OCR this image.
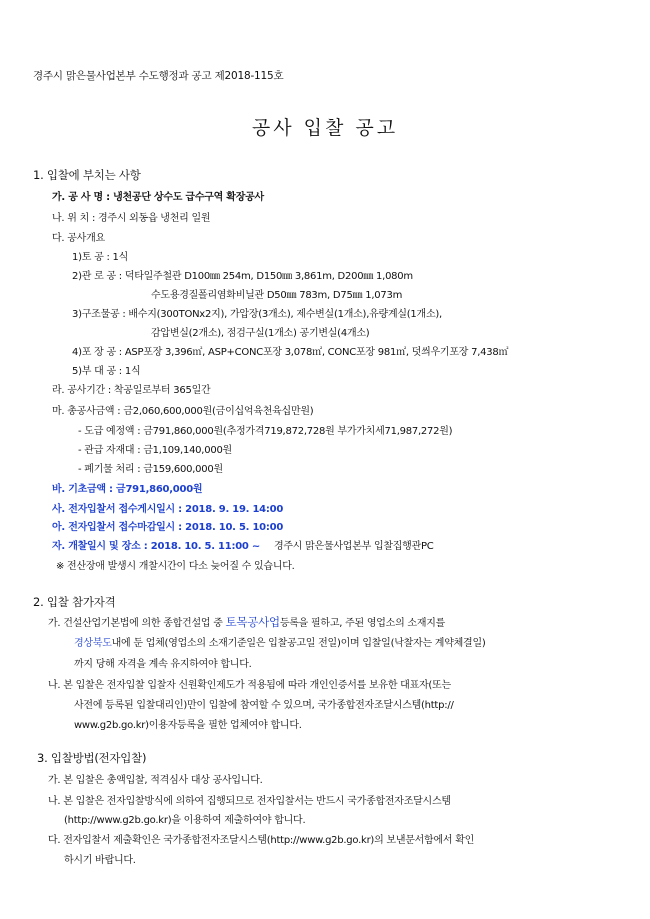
경주시 맑은물사업본부 수도행정과 공고 제2018-115호
공사 입찰 공고
1. 입찰에 부치는 사항
가. 공 사 명 : 냉천공단 상수도 급수구역 확장공사
나. 위 치 : 경주시 외동읍 냉천리 일원
다. 공사개요
1)토 공 : 1식
2)관 로 공 : 덕타일주철관 D100㎜ 254m, D150㎜ 3,861m, D200㎜ 1,080m
수도용경질폴리염화비닐관 D50㎜ 783m, D75㎜ 1,073m
3)구조물공 : 배수지(300TONx2지), 가압장(3개소), 제수변실(1개소),유량계실(1개소),
감압변실(2개소), 점검구실(1개소) 공기변실(4개소)
4)포 장 공 : ASP포장 3,396㎡, ASP+CONC포장 3,078㎡, CONC포장 981㎡, 덧씌우기포장 7,438㎡
5)부 대 공 : 1식
라. 공사기간 : 착공일로부터 365일간
마. 총공사금액 : 금2,060,600,000원(금이십억육천육십만원)
- 도급 예정액 : 금791,860,000원(추정가격719,872,728원 부가가치세71,987,272원)
- 관급 자재대 : 금1,109,140,000원
- 폐기물 처리 : 금159,600,000원
바. 기초금액 : 금791,860,000원
사. 전자입찰서 접수게시일시 : 2018. 9. 19. 14:00
아. 전자입찰서 접수마감일시 : 2018. 10. 5. 10:00
자. 개찰일시 및 장소 : 2018. 10. 5. 11:00 ~ 경주시 맑은물사업본부 입찰집행관PC
※ 전산장애 발생시 개찰시간이 다소 늦어질 수 있습니다.
2. 입찰 참가자격
가. 건설산업기본법에 의한 종합건설업 중 토목공사업등록을 필하고, 주된 영업소의 소재지를
경상북도내에 둔 업체(영업소의 소재기준일은 입찰공고일 전일)이며 입찰일(낙찰자는 계약체결일)
까지 당해 자격을 계속 유지하여야 합니다.
나. 본 입찰은 전자입찰 입찰자 신원확인제도가 적용됨에 따라 개인인증서를 보유한 대표자(또는
사전에 등록된 입찰대리인)만이 입찰에 참여할 수 있으며, 국가종합전자조달시스템(http://
www.g2b.go.kr)이용자등록을 필한 업체여야 합니다.
3. 입찰방법(전자입찰)
가. 본 입찰은 총액입찰, 적격심사 대상 공사입니다.
나. 본 입찰은 전자입찰방식에 의하여 집행되므로 전자입찰서는 반드시 국가종합전자조달시스템
(http://www.g2b.go.kr)을 이용하여 제출하여야 합니다.
다. 전자입찰서 제출확인은 국가종합전자조달시스템(http://www.g2b.go.kr)의 보낸문서함에서 확인
하시기 바랍니다.
